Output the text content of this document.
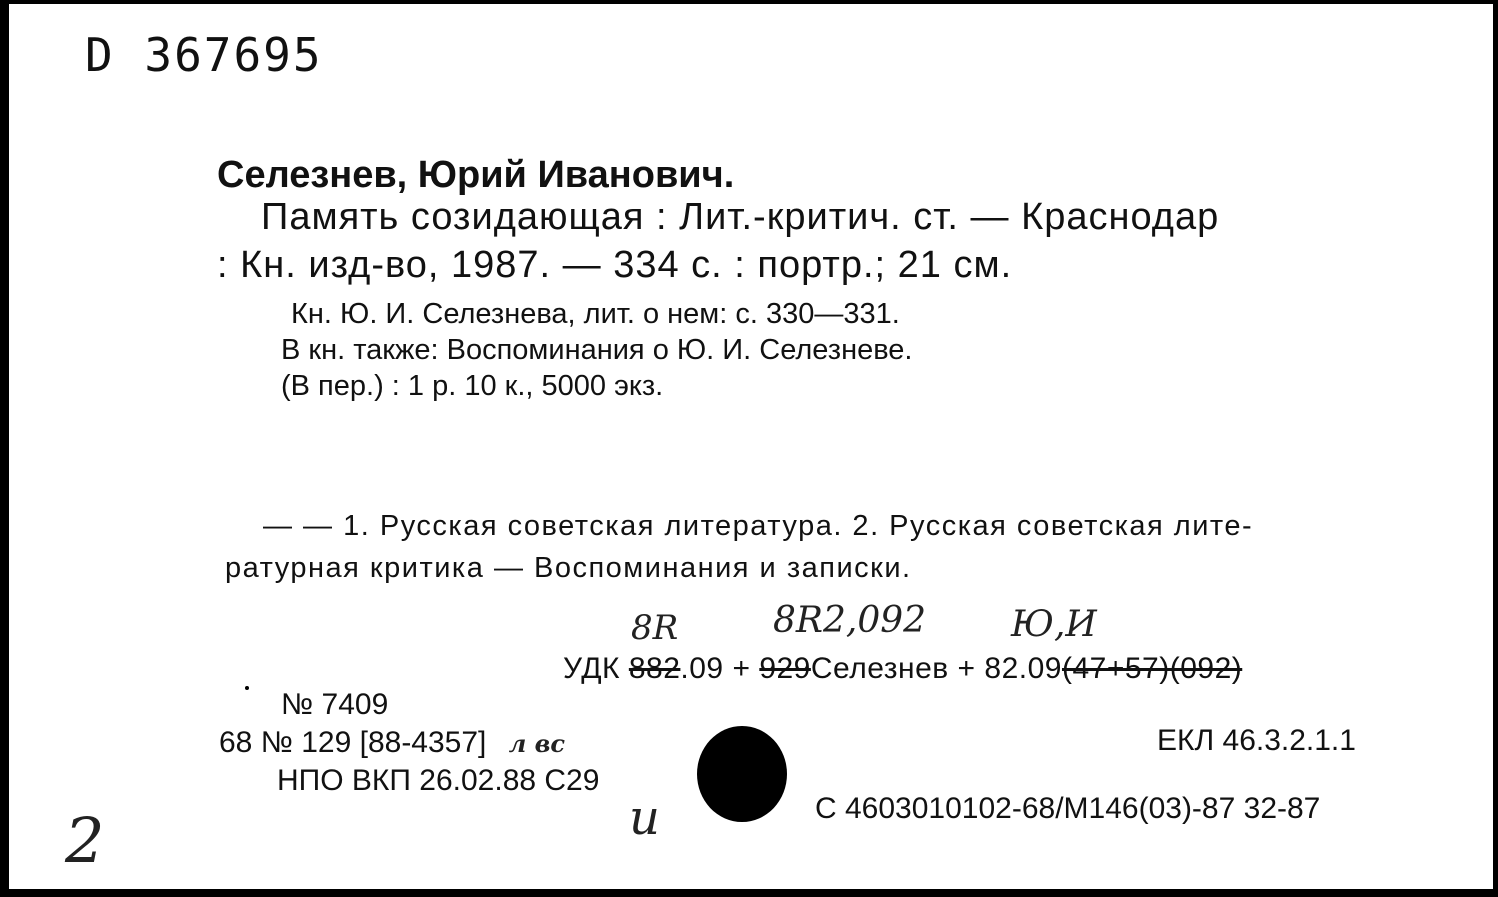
D 367695
Селезнев, Юрий Иванович.
Память созидающая : Лит.-критич. ст. — Краснодар
: Кн. изд-во, 1987. — 334 с. : портр.; 21 см.
Кн. Ю. И. Селезнева, лит. о нем: с. 330—331.
В кн. также: Воспоминания о Ю. И. Селезневе.
(В пер.) : 1 р. 10 к., 5000 экз.
— — 1. Русская советская литература. 2. Русская советская лите-
ратурная критика — Воспоминания и записки.
8R	8R2,092 Ю,И
УДК 882.09 + 929Селезнев + 82.09(47+57)(092)
№ 7409
68 № 129 [88-4357] л вс
НПО ВКП 26.02.88 С29
ЕКЛ 46.3.2.1.1
С 4603010102-68/М146(03)-87 32-87
и
2
